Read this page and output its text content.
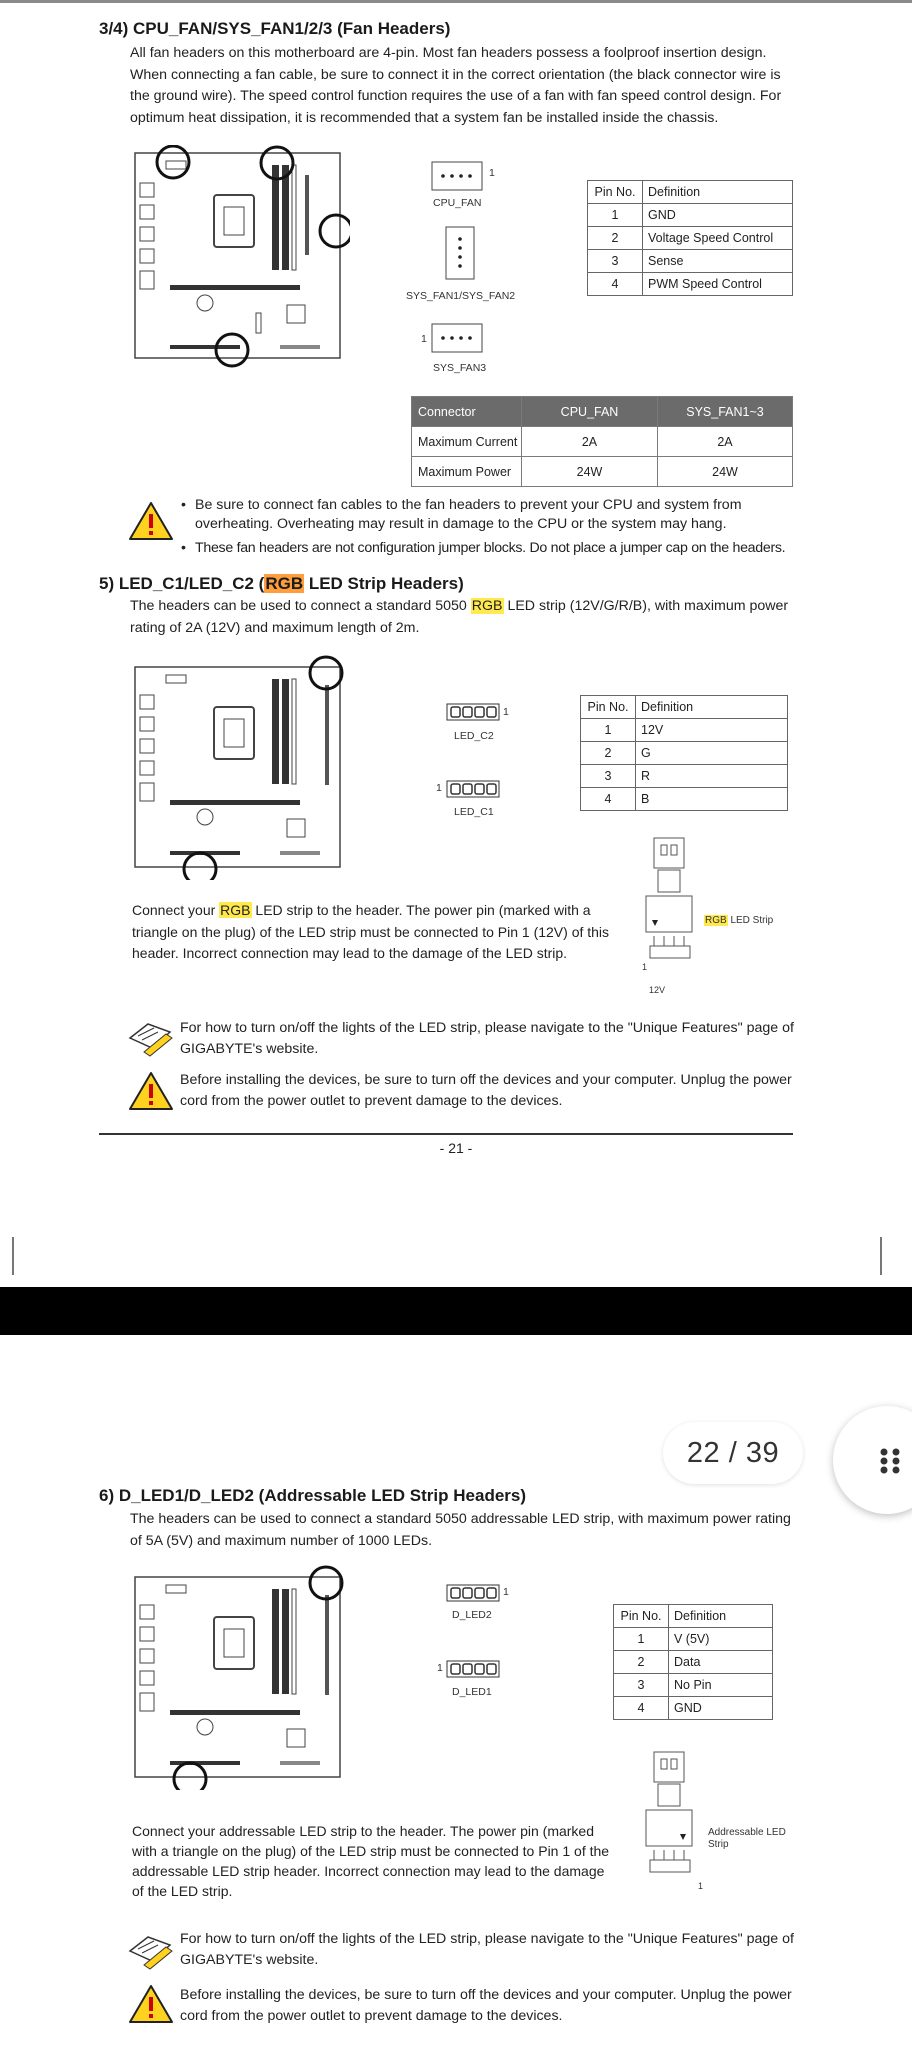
3/4) CPU_FAN/SYS_FAN1/2/3 (Fan Headers)
All fan headers on this motherboard are 4-pin. Most fan headers possess a foolproof insertion design. When connecting a fan cable, be sure to connect it in the correct orientation (the black connector wire is the ground wire). The speed control function requires the use of a fan with fan speed control design. For optimum heat dissipation, it is recommended that a system fan be installed inside the chassis.
1
CPU_FAN
SYS_FAN1/SYS_FAN2
1
SYS_FAN3
Pin No.	Definition
1	GND
2	Voltage Speed Control
3	Sense
4	PWM Speed Control
Connector	CPU_FAN	SYS_FAN1~3
Maximum Current	2A	2A
Maximum Power	24W	24W
• Be sure to connect fan cables to the fan headers to prevent your CPU and system from overheating. Overheating may result in damage to the CPU or the system may hang.
• These fan headers are not configuration jumper blocks. Do not place a jumper cap on the headers.
5) LED_C1/LED_C2 (RGB LED Strip Headers)
The headers can be used to connect a standard 5050 RGB LED strip (12V/G/R/B), with maximum power rating of 2A (12V) and maximum length of 2m.
1
LED_C2
1
LED_C1
Pin No.	Definition
1	12V
2	G
3	R
4	B
RGB LED Strip
1
12V
Connect your RGB LED strip to the header. The power pin (marked with a triangle on the plug) of the LED strip must be connected to Pin 1 (12V) of this header. Incorrect connection may lead to the damage of the LED strip.
For how to turn on/off the lights of the LED strip, please navigate to the "Unique Features" page of GIGABYTE's website.
Before installing the devices, be sure to turn off the devices and your computer. Unplug the power cord from the power outlet to prevent damage to the devices.
- 21 -
6) D_LED1/D_LED2 (Addressable LED Strip Headers)
The headers can be used to connect a standard 5050 addressable LED strip, with maximum power rating of 5A (5V) and maximum number of 1000 LEDs.
1
D_LED2
1
D_LED1
Pin No.	Definition
1	V (5V)
2	Data
3	No Pin
4	GND
Addressable LED Strip
1
Connect your addressable LED strip to the header. The power pin (marked with a triangle on the plug) of the LED strip must be connected to Pin 1 of the addressable LED strip header. Incorrect connection may lead to the damage of the LED strip.
For how to turn on/off the lights of the LED strip, please navigate to the "Unique Features" page of GIGABYTE's website.
Before installing the devices, be sure to turn off the devices and your computer. Unplug the power cord from the power outlet to prevent damage to the devices.
22 / 39
